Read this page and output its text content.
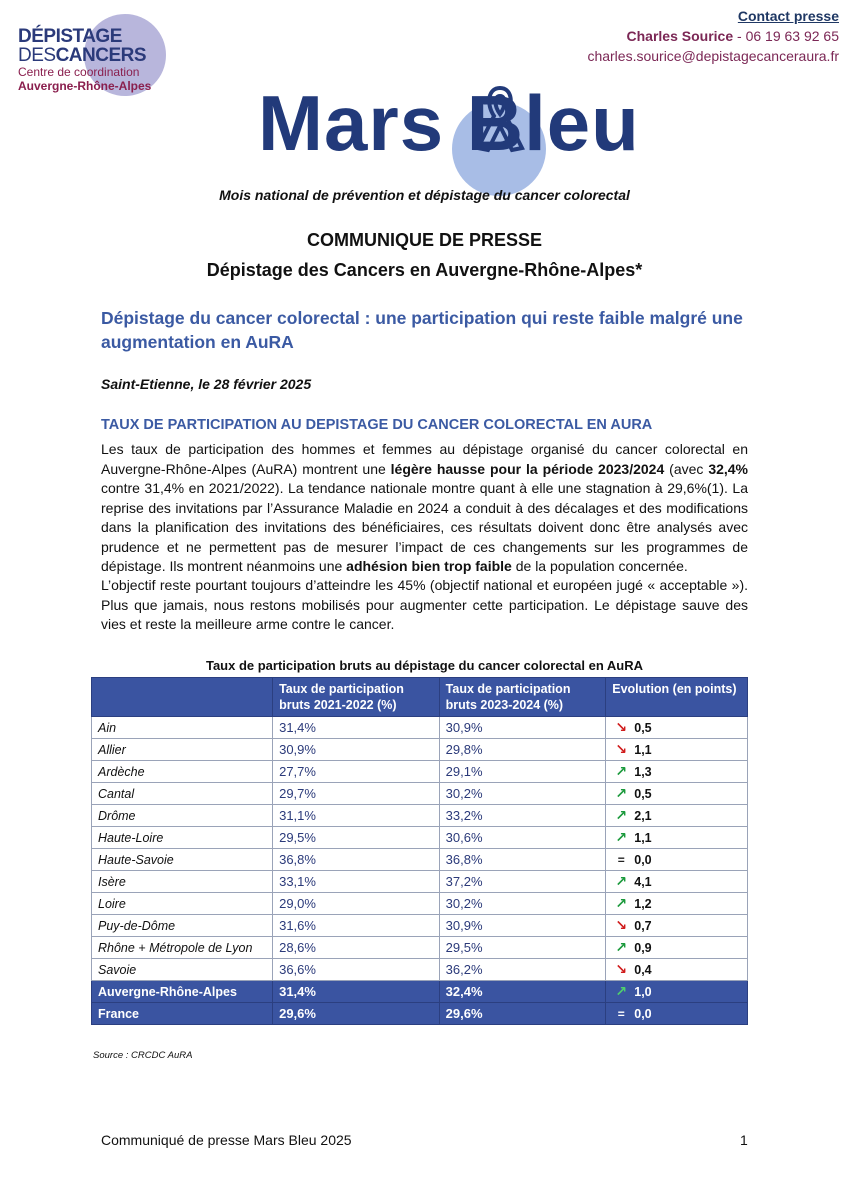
DÉPISTAGE
DESCANCERS
Centre de coordination
Auvergne-Rhône-Alpes
Contact presse
Charles Sourice - 06 19 63 92 65
charles.sourice@depistagecanceraura.fr
Mars Bleu
Mois national de prévention et dépistage du cancer colorectal
COMMUNIQUE DE PRESSE
Dépistage des Cancers en Auvergne-Rhône-Alpes*
Dépistage du cancer colorectal : une participation qui reste faible malgré une augmentation en AuRA
Saint-Etienne, le 28 février 2025
TAUX DE PARTICIPATION AU DEPISTAGE DU CANCER COLORECTAL EN AURA
Les taux de participation des hommes et femmes au dépistage organisé du cancer colorectal en Auvergne-Rhône-Alpes (AuRA) montrent une légère hausse pour la période 2023/2024 (avec 32,4% contre 31,4% en 2021/2022). La tendance nationale montre quant à elle une stagnation à 29,6%(1). La reprise des invitations par l’Assurance Maladie en 2024 a conduit à des décalages et des modifications dans la planification des invitations des bénéficiaires, ces résultats doivent donc être analysés avec prudence et ne permettent pas de mesurer l’impact de ces changements sur les programmes de dépistage. Ils montrent néanmoins une adhésion bien trop faible de la population concernée.
L’objectif reste pourtant toujours d’atteindre les 45% (objectif national et européen jugé « acceptable »). Plus que jamais, nous restons mobilisés pour augmenter cette participation. Le dépistage sauve des vies et reste la meilleure arme contre le cancer.
Taux de participation bruts au dépistage du cancer colorectal en AuRA
	Taux de participation bruts 2021-2022 (%)	Taux de participation bruts 2023-2024 (%)	Evolution (en points)
Ain	31,4%	30,9%	↘ 0,5
Allier	30,9%	29,8%	↘ 1,1
Ardèche	27,7%	29,1%	↗ 1,3
Cantal	29,7%	30,2%	↗ 0,5
Drôme	31,1%	33,2%	↗ 2,1
Haute-Loire	29,5%	30,6%	↗ 1,1
Haute-Savoie	36,8%	36,8%	= 0,0
Isère	33,1%	37,2%	↗ 4,1
Loire	29,0%	30,2%	↗ 1,2
Puy-de-Dôme	31,6%	30,9%	↘ 0,7
Rhône + Métropole de Lyon	28,6%	29,5%	↗ 0,9
Savoie	36,6%	36,2%	↘ 0,4
Auvergne-Rhône-Alpes	31,4%	32,4%	↗ 1,0
France	29,6%	29,6%	= 0,0
Source : CRCDC AuRA
Communiqué de presse Mars Bleu 2025	1
